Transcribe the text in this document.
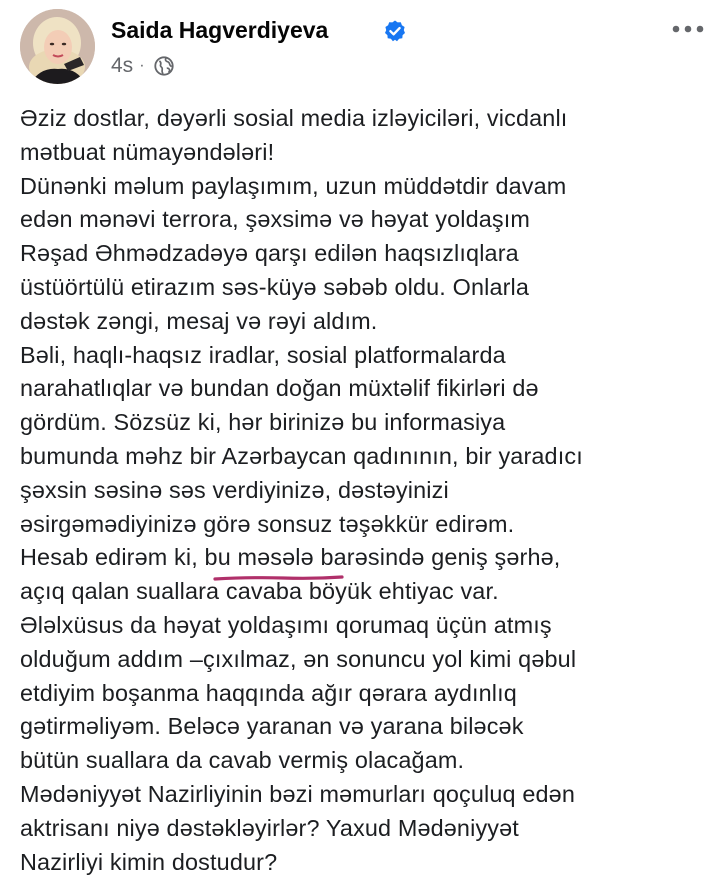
Saida Hagverdiyeva
4s ·
Əziz dostlar, dəyərli sosial media izləyiciləri, vicdanlı
mətbuat nümayəndələri!
Dünənki məlum paylaşımım, uzun müddətdir davam
edən mənəvi terrora, şəxsimə və həyat yoldaşım
Rəşad Əhmədzadəyə qarşı edilən haqsızlıqlara
üstüörtülü etirazım səs-küyə səbəb oldu. Onlarla
dəstək zəngi, mesaj və rəyi aldım.
Bəli, haqlı-haqsız iradlar, sosial platformalarda
narahatlıqlar və bundan doğan müxtəlif fikirləri də
gördüm. Sözsüz ki, hər birinizə bu informasiya
bumunda məhz bir Azərbaycan qadınının, bir yaradıcı
şəxsin səsinə səs verdiyinizə, dəstəyinizi
əsirgəmədiyinizə görə sonsuz təşəkkür edirəm.
Hesab edirəm ki, bu məsələ barəsində geniş şərhə,
açıq qalan suallara cavaba böyük ehtiyac var.
Ələlxüsus da həyat yoldaşımı qorumaq üçün atmış
olduğum addım –çıxılmaz, ən sonuncu yol kimi qəbul
etdiyim boşanma haqqında ağır qərara aydınlıq
gətirməliyəm. Beləcə yaranan və yarana biləcək
bütün suallara da cavab vermiş olacağam.
Mədəniyyət Nazirliyinin bəzi məmurları qoçuluq edən
aktrisanı niyə dəstəkləyirlər? Yaxud Mədəniyyət
Nazirliyi kimin dostudur?
